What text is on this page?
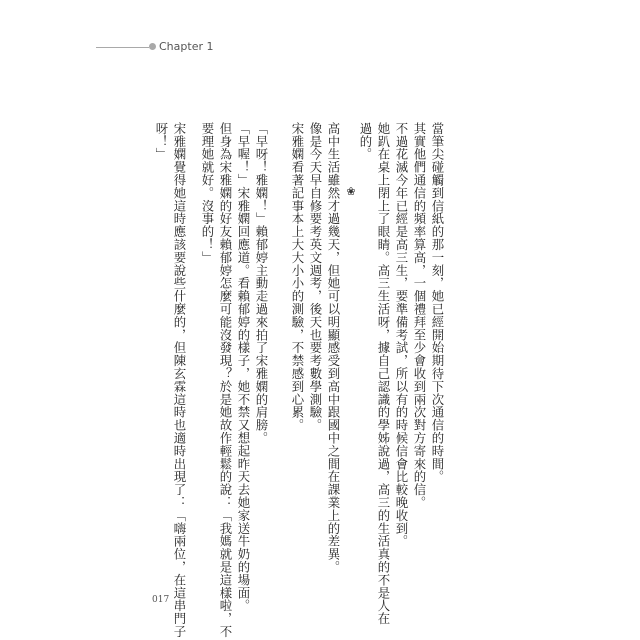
Chapter 1
當筆尖碰觸到信紙的那一刻，她已經開始期待下次通信的時間。
其實他們通信的頻率算高，一個禮拜至少會收到兩次對方寄來的信。
不過花滅今年已經是高三生，要準備考試，所以有的時候信會比較晚收到。
她趴在桌上閉上了眼睛。高三生活呀，據自己認識的學姊說過，高三的生活真的不是人在
過的。
❀
高中生活雖然才過幾天，但她可以明顯感受到高中跟國中之間在課業上的差異。
像是今天早自修要考英文週考，後天也要考數學測驗。
宋雅嫻看著記事本上大大小小的測驗，不禁感到心累。
「早呀！雅嫻！」賴郁婷主動走過來拍了宋雅嫻的肩膀。
「早喔！」宋雅嫻回應道。看賴郁婷的樣子，她不禁又想起昨天去她家送牛奶的場面。
但身為宋雅嫻的好友賴郁婷怎麼可能沒發現？於是她故作輕鬆的說：「我媽就是這樣啦，不
要理她就好。沒事的！」
宋雅嫻覺得她這時應該要說些什麼的，但陳玄霖這時也適時出現了：「嗨兩位，在這串門子
呀！」
017
